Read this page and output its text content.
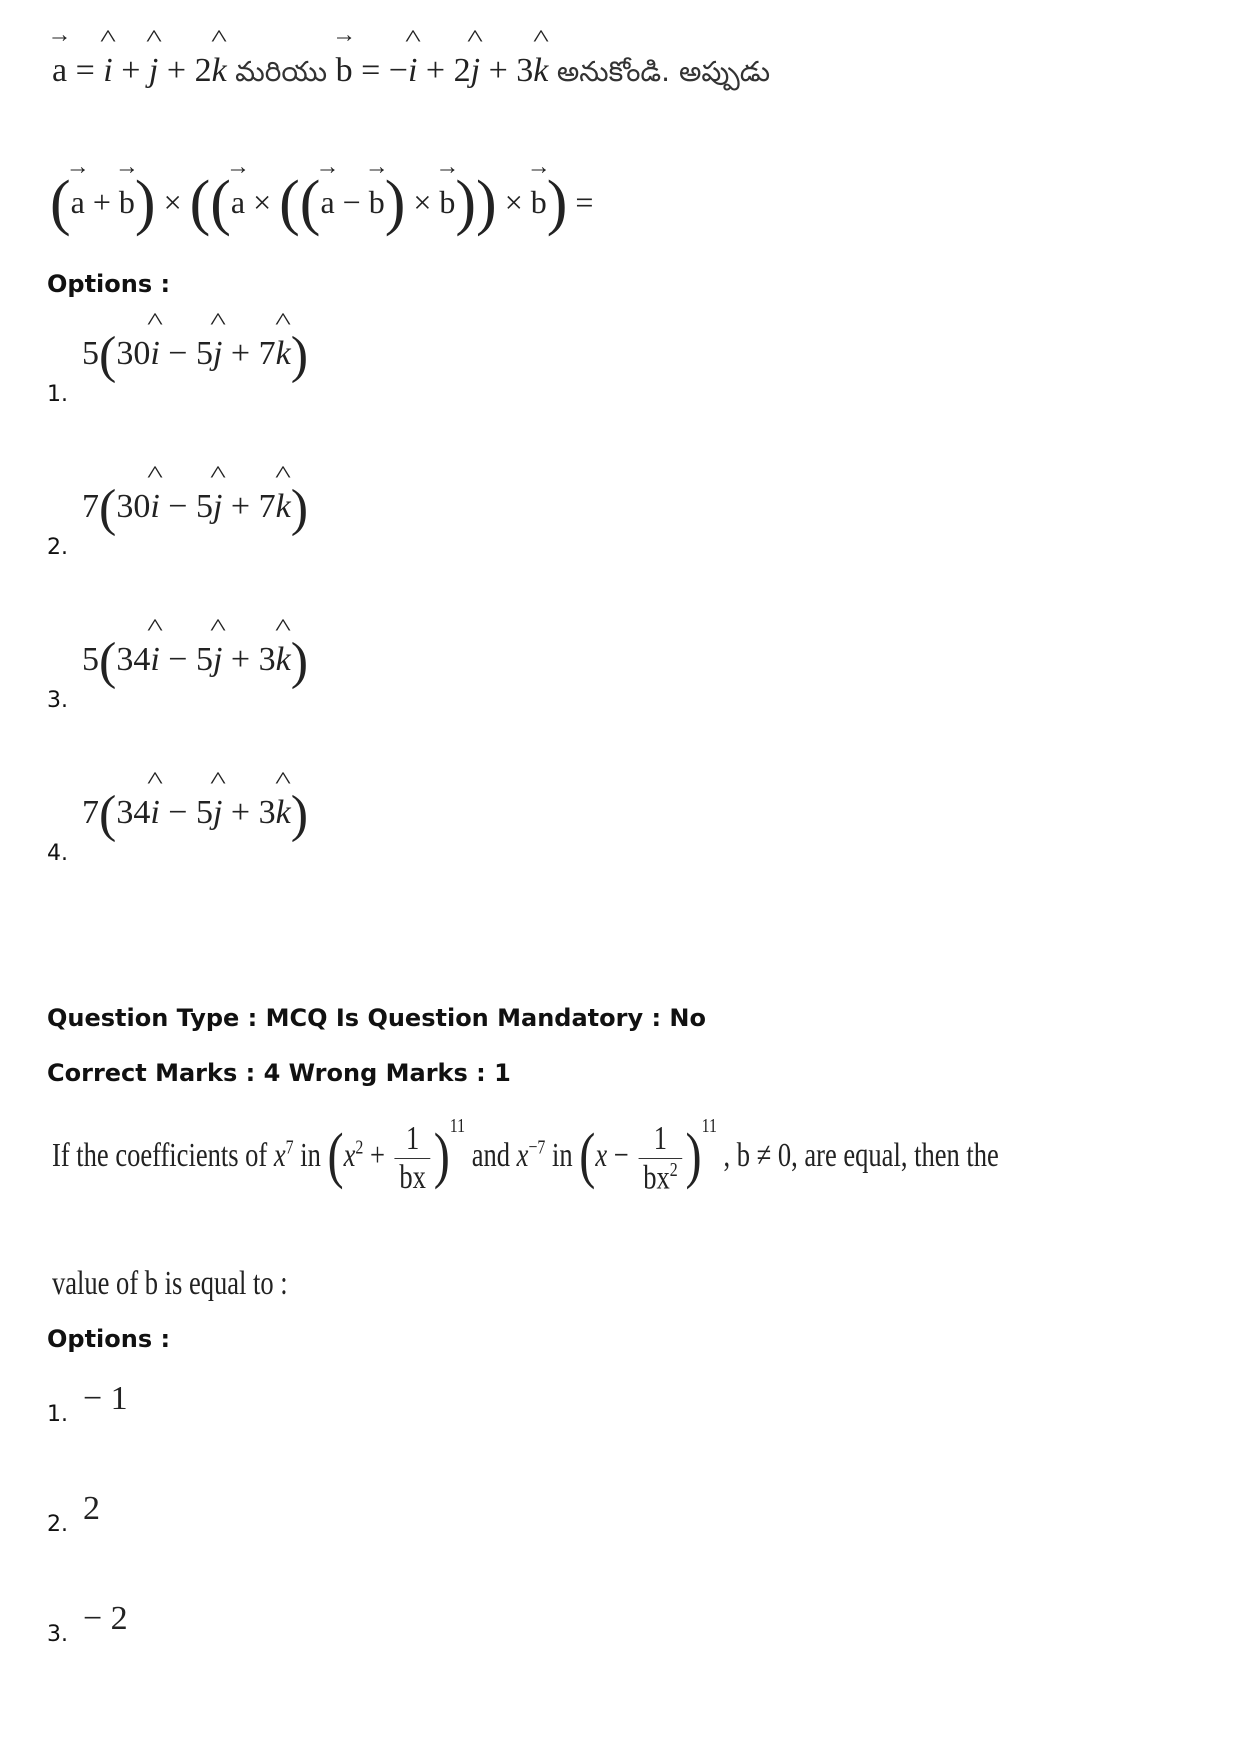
→ a = ^ i + ^ j + 2^ k మరియు → b = −^ i + 2^ j + 3^ k అనుకోండి. అప్పుడు
(→ a + → b) × ((→ a × ((→ a − → b) × → b)) × → b) =
Options :
1.
5(30^ i − 5^ j + 7^ k)
2.
7(30^ i − 5^ j + 7^ k)
3.
5(34^ i − 5^ j + 3^ k)
4.
7(34^ i − 5^ j + 3^ k)
Question Type : MCQ Is Question Mandatory : No
Correct Marks : 4 Wrong Marks : 1
If the coefficients of $x^7$ in $(x^2 + \frac{1}{bx} )^{11}$ and $x^{-7}$ in $(x - \frac{1}{bx^2} )^{11}$ , b ≠ 0, are equal, then the
value of b is equal to :
Options :
1. − 1
2. 2
3. − 2
